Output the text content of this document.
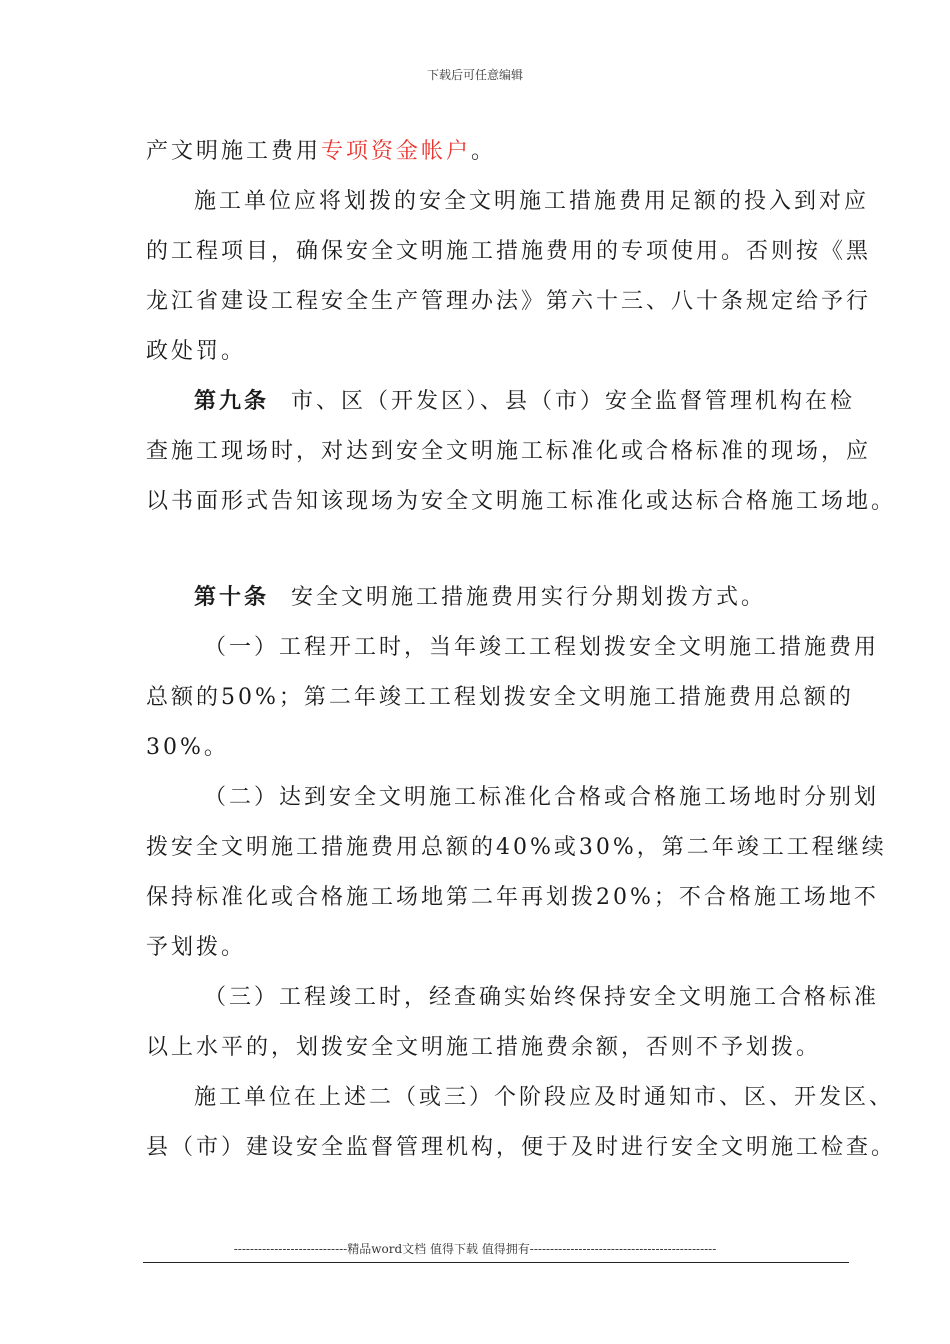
下载后可任意编辑
产文明施工费用专项资金帐户。
施工单位应将划拨的安全文明施工措施费用足额的投入到对应
的工程项目，确保安全文明施工措施费用的专项使用。否则按《黑
龙江省建设工程安全生产管理办法》第六十三、八十条规定给予行
政处罚。
第九条 市、区（开发区）、县（市）安全监督管理机构在检
查施工现场时，对达到安全文明施工标准化或合格标准的现场，应
以书面形式告知该现场为安全文明施工标准化或达标合格施工场地。
第十条 安全文明施工措施费用实行分期划拨方式。
（一）工程开工时，当年竣工工程划拨安全文明施工措施费用
总额的50%；第二年竣工工程划拨安全文明施工措施费用总额的
30%。
（二）达到安全文明施工标准化合格或合格施工场地时分别划
拨安全文明施工措施费用总额的40%或30%，第二年竣工工程继续
保持标准化或合格施工场地第二年再划拨20%；不合格施工场地不
予划拨。
（三）工程竣工时，经查确实始终保持安全文明施工合格标准
以上水平的，划拨安全文明施工措施费余额，否则不予划拨。
施工单位在上述二（或三）个阶段应及时通知市、区、开发区、
县（市）建设安全监督管理机构，便于及时进行安全文明施工检查。
----------------------------精品word文档 值得下载 值得拥有----------------------------------------------
